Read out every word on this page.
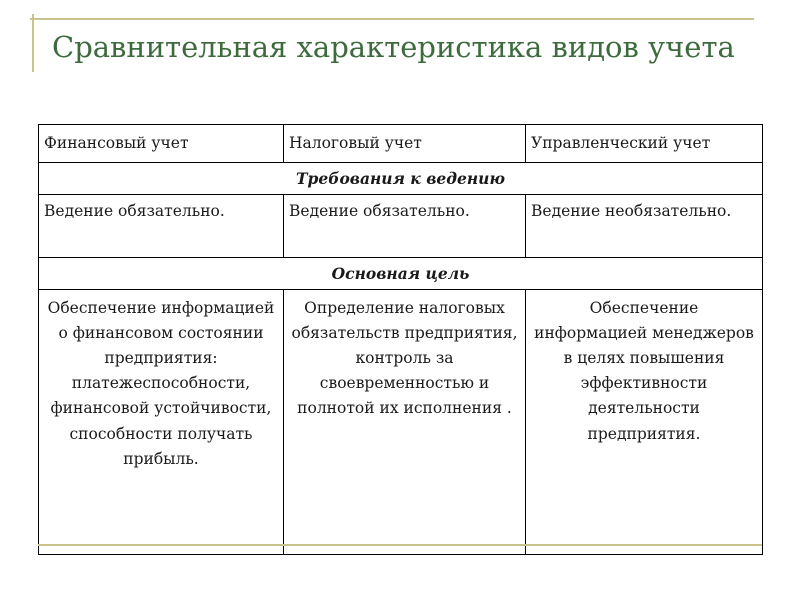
Сравнительная характеристика видов учета
Финансовый учет	Налоговый учет	Управленческий учет
Требования к ведению		
Ведение обязательно.	Ведение обязательно.	Ведение необязательно.
Основная цель		
Обеспечение информацией о финансовом состоянии предприятия: платежеспособности, финансовой устойчивости, способности получать прибыль.	Определение налоговых обязательств предприятия, контроль за своевременностью и полнотой их исполнения .	Обеспечение информацией менеджеров в целях повышения эффективности деятельности предприятия.
